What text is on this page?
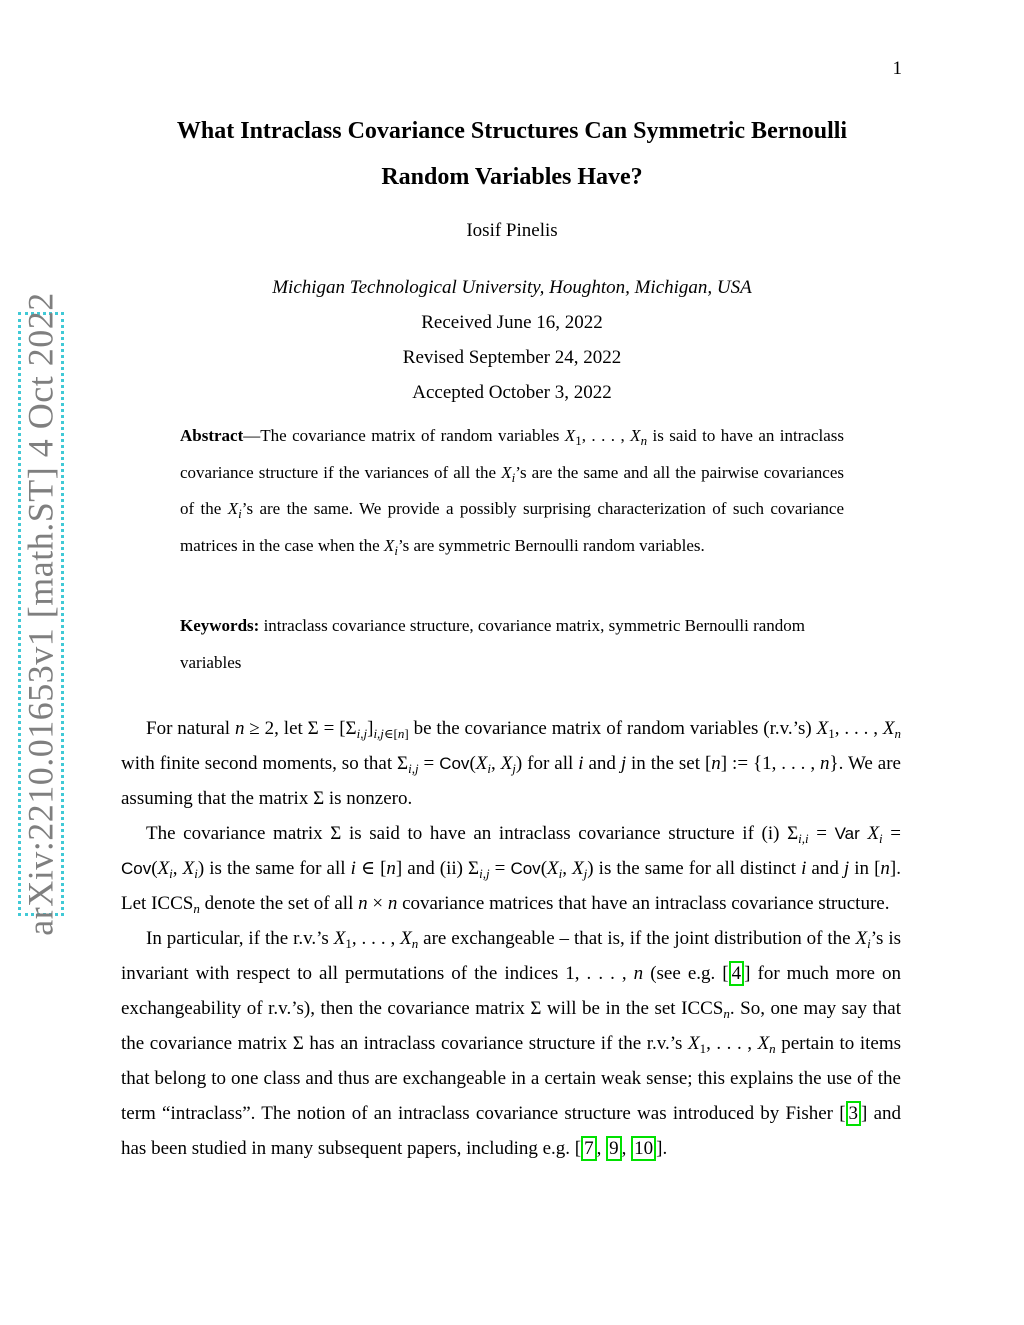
1
What Intraclass Covariance Structures Can Symmetric Bernoulli
Random Variables Have?
Iosif Pinelis
Michigan Technological University, Houghton, Michigan, USA
Received June 16, 2022
Revised September 24, 2022
Accepted October 3, 2022
arXiv:2210.01653v1 [math.ST] 4 Oct 2022	Abstract—The covariance matrix of random variables $X_1$, . . . , $X_n$ is said to have an intraclass covariance structure if the variances of all the $X_i’s$ are the same and all the pairwise covariances of the $X_i’s$ are the same. We provide a possibly surprising characterization of such covariance matrices in the case when the $X_i’s$ are symmetric Bernoulli random variables.
Keywords: intraclass covariance structure, covariance matrix, symmetric Bernoulli random variables

For natural n ≥ 2, let $\Sigma = [\Sigma_{i,j}]_{i,j\in[n]}$ be the covariance matrix of random variables (r.v.’s) $X_1$, . . . , $X_n$ with finite second moments, so that $\Sigma_{i,j} = Cov(X_i$, $X_j$) for all i and j in the set [n] := {1, . . . , n}. We are assuming that the matrix Σ is nonzero.

The covariance matrix Σ is said to have an intraclass covariance structure if (i) $\Sigma_{i,i}$ = Var $X_i = Cov(X_i$, $X_i$) is the same for all i ∈ [n] and (ii) $\Sigma_{i,j} = Cov(X_i$, $X_j$) is the same for all distinct i and j in [n]. Let $ICCS_n$ denote the set of all n × n covariance matrices that have an intraclass covariance structure.

In particular, if the r.v.’s $X_1$, . . . , $X_n$ are exchangeable – that is, if the joint distribution of the $X_i’s$ is invariant with respect to all permutations of the indices 1, . . . , n (see e.g. [ 4 ] for much more on exchangeability of r.v.’s), then the covariance matrix Σ will be in the set $ICCS_n$. So, one may say that the covariance matrix Σ has an intraclass covariance structure if the r.v.’s $X_1$, . . . , $X_n$ pertain to items that belong to one class and thus are exchangeable in a certain weak sense; this explains the use of the term “intraclass”. The notion of an intraclass covariance structure was introduced by Fisher [ 3 ] and has been studied in many subsequent papers, including e.g. [ 7 , 9 , 10 ].
